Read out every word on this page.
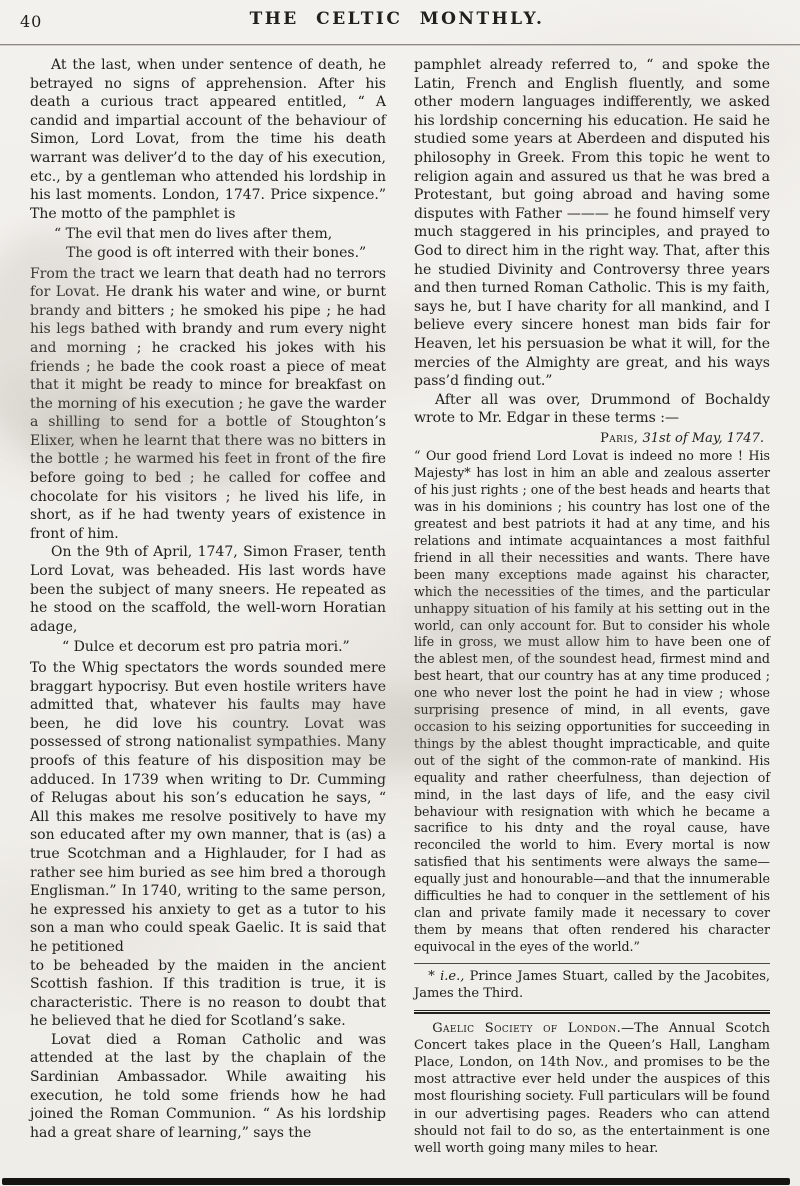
40	THE CELTIC MONTHLY.

At the last, when under sentence of death, he betrayed no signs of apprehension. After his death a curious tract appeared entitled, “ A candid and impartial account of the behaviour of Simon, Lord Lovat, from the time his death warrant was deliver’d to the day of his execution, etc., by a gentleman who attended his lordship in his last moments. London, 1747. Price sixpence.” The motto of the pamphlet is

“ The evil that men do lives after them,
The good is oft interred with their bones.”

From the tract we learn that death had no terrors for Lovat. He drank his water and wine, or burnt brandy and bitters ; he smoked his pipe ; he had his legs bathed with brandy and rum every night and morning ; he cracked his jokes with his friends ; he bade the cook roast a piece of meat that it might be ready to mince for breakfast on the morning of his execution ; he gave the warder a shilling to send for a bottle of Stoughton’s Elixer, when he learnt that there was no bitters in the bottle ; he warmed his feet in front of the fire before going to bed ; he called for coffee and chocolate for his visitors ; he lived his life, in short, as if he had twenty years of existence in front of him.

On the 9th of April, 1747, Simon Fraser, tenth Lord Lovat, was beheaded. His last words have been the subject of many sneers. He repeated as he stood on the scaffold, the well-worn Horatian adage,

“ Dulce et decorum est pro patria mori.”

To the Whig spectators the words sounded mere braggart hypocrisy. But even hostile writers have admitted that, whatever his faults may have been, he did love his country. Lovat was possessed of strong nationalist sympathies. Many proofs of this feature of his disposition may be adduced. In 1739 when writing to Dr. Cumming of Relugas about his son’s education he says, “ All this makes me resolve positively to have my son educated after my own manner, that is (as) a true Scotchman and a Highlauder, for I had as rather see him buried as see him bred a thorough Englisman.” In 1740, writing to the same person, he expressed his anxiety to get as a tutor to his son a man who could speak Gaelic. It is said that he petitioned

to be beheaded by the maiden in the ancient Scottish fashion. If this tradition is true, it is characteristic. There is no reason to doubt that he believed that he died for Scotland’s sake.

Lovat died a Roman Catholic and was attended at the last by the chaplain of the Sardinian Ambassador. While awaiting his execution, he told some friends how he had joined the Roman Communion. “ As his lordship had a great share of learning,” says the

pamphlet already referred to, “ and spoke the Latin, French and English fluently, and some other modern languages indifferently, we asked his lordship concerning his education. He said he studied some years at Aberdeen and disputed his philosophy in Greek. From this topic he went to religion again and assured us that he was bred a Protestant, but going abroad and having some disputes with Father ——— he found himself very much staggered in his principles, and prayed to God to direct him in the right way. That, after this he studied Divinity and Controversy three years and then turned Roman Catholic. This is my faith, says he, but I have charity for all mankind, and I believe every sincere honest man bids fair for Heaven, let his persuasion be what it will, for the mercies of the Almighty are great, and his ways pass’d finding out.”

After all was over, Drummond of Bochaldy wrote to Mr. Edgar in these terms :—

Paris, 31st of May, 1747.

“ Our good friend Lord Lovat is indeed no more ! His Majesty* has lost in him an able and zealous asserter of his just rights ; one of the best heads and hearts that was in his dominions ; his country has lost one of the greatest and best patriots it had at any time, and his relations and intimate acquaintances a most faithful friend in all their necessities and wants. There have been many exceptions made against his character, which the necessities of the times, and the particular unhappy situation of his family at his setting out in the world, can only account for. But to consider his whole life in gross, we must allow him to have been one of the ablest men, of the soundest head, firmest mind and best heart, that our country has at any time produced ; one who never lost the point he had in view ; whose surprising presence of mind, in all events, gave occasion to his seizing opportunities for succeeding in things by the ablest thought impracticable, and quite out of the sight of the common-rate of mankind. His equality and rather cheerfulness, than dejection of mind, in the last days of life, and the easy civil behaviour with resignation with which he became a sacrifice to his dnty and the royal cause, have reconciled the world to him. Every mortal is now satisfied that his sentiments were always the same—equally just and honourable—and that the innumerable difficulties he had to conquer in the settlement of his clan and private family made it necessary to cover them by means that often rendered his character equivocal in the eyes of the world.”

* i.e., Prince James Stuart, called by the Jacobites, James the Third.

Gaelic Society of London.—The Annual Scotch Concert takes place in the Queen’s Hall, Langham Place, London, on 14th Nov., and promises to be the most attractive ever held under the auspices of this most flourishing society. Full particulars will be found in our advertising pages. Readers who can attend should not fail to do so, as the entertainment is one well worth going many miles to hear.
